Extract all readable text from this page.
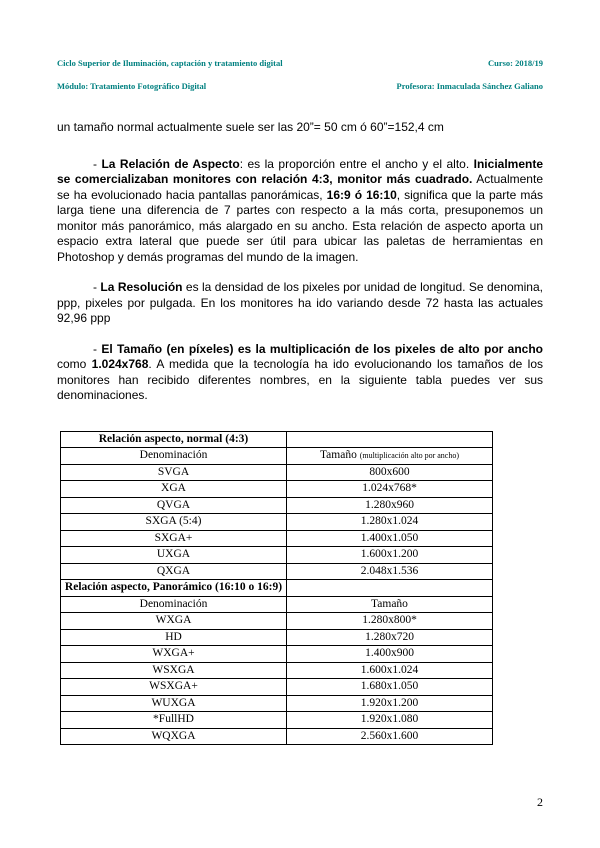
Ciclo Superior de Iluminación, captación y tratamiento digital	Curso: 2018/19
Módulo: Tratamiento Fotográfico Digital	Profesora: Inmaculada Sánchez Galiano

un tamaño normal actualmente suele ser las 20”= 50 cm ó 60”=152,4 cm

- La Relación de Aspecto: es la proporción entre el ancho y el alto. Inicialmente se comercializaban monitores con relación 4:3, monitor más cuadrado. Actualmente se ha evolucionado hacia pantallas panorámicas, 16:9 ó 16:10, significa que la parte más larga tiene una diferencia de 7 partes con respecto a la más corta, presuponemos un monitor más panorámico, más alargado en su ancho. Esta relación de aspecto aporta un espacio extra lateral que puede ser útil para ubicar las paletas de herramientas en Photoshop y demás programas del mundo de la imagen.

- La Resolución es la densidad de los pixeles por unidad de longitud. Se denomina, ppp, pixeles por pulgada. En los monitores ha ido variando desde 72 hasta las actuales 92,96 ppp

- El Tamaño (en píxeles) es la multiplicación de los pixeles de alto por ancho como 1.024x768. A medida que la tecnología ha ido evolucionando los tamaños de los monitores han recibido diferentes nombres, en la siguiente tabla puedes ver sus denominaciones.

Relación aspecto, normal (4:3)	
Denominación	Tamaño (multiplicación alto por ancho)
SVGA	800x600
XGA	1.024x768*
QVGA	1.280x960
SXGA (5:4)	1.280x1.024
SXGA+	1.400x1.050
UXGA	1.600x1.200
QXGA	2.048x1.536
Relación aspecto, Panorámico (16:10 o 16:9)	
Denominación	Tamaño
WXGA	1.280x800*
HD	1.280x720
WXGA+	1.400x900
WSXGA	1.600x1.024
WSXGA+	1.680x1.050
WUXGA	1.920x1.200
*FullHD	1.920x1.080
WQXGA	2.560x1.600
2
